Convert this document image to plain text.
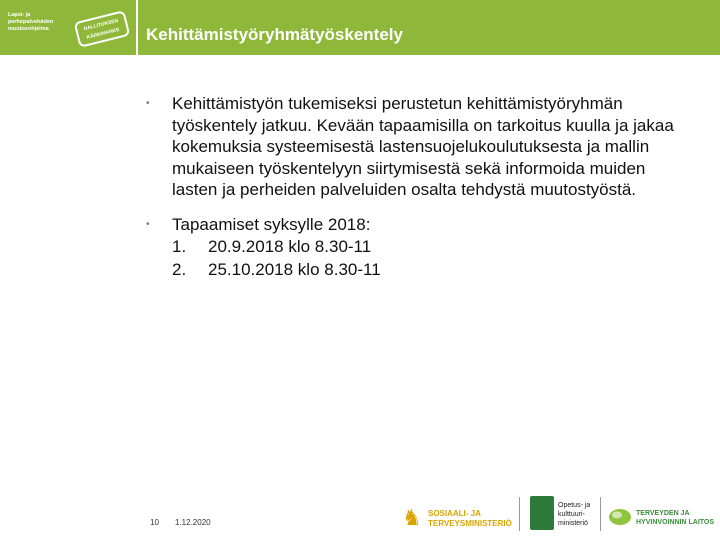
Lapsi- ja perhepalveluiden muutosohjelma	HALLITUKSEN KÄRKIHANKE	Kehittämistyöryhmätyöskentely
• Kehittämistyön tukemiseksi perustetun kehittämistyöryhmän työskentely jatkuu. Kevään tapaamisilla on tarkoitus kuulla ja jakaa kokemuksia systeemisestä lastensuojelukoulutuksesta ja mallin mukaiseen työskentelyyn siirtymisestä sekä informoida muiden lasten ja perheiden palveluiden osalta tehdystä muutostyöstä.
• Tapaamiset syksylle 2018:
1. 20.9.2018 klo 8.30-11
2. 25.10.2018 klo 8.30-11
10 1.12.2020	♞ SOSIAALI- JA TERVEYSMINISTERIÖ
Opetus- ja kulttuuri-ministeriö
TERVEYDEN JA HYVINVOINNIN LAITOS
